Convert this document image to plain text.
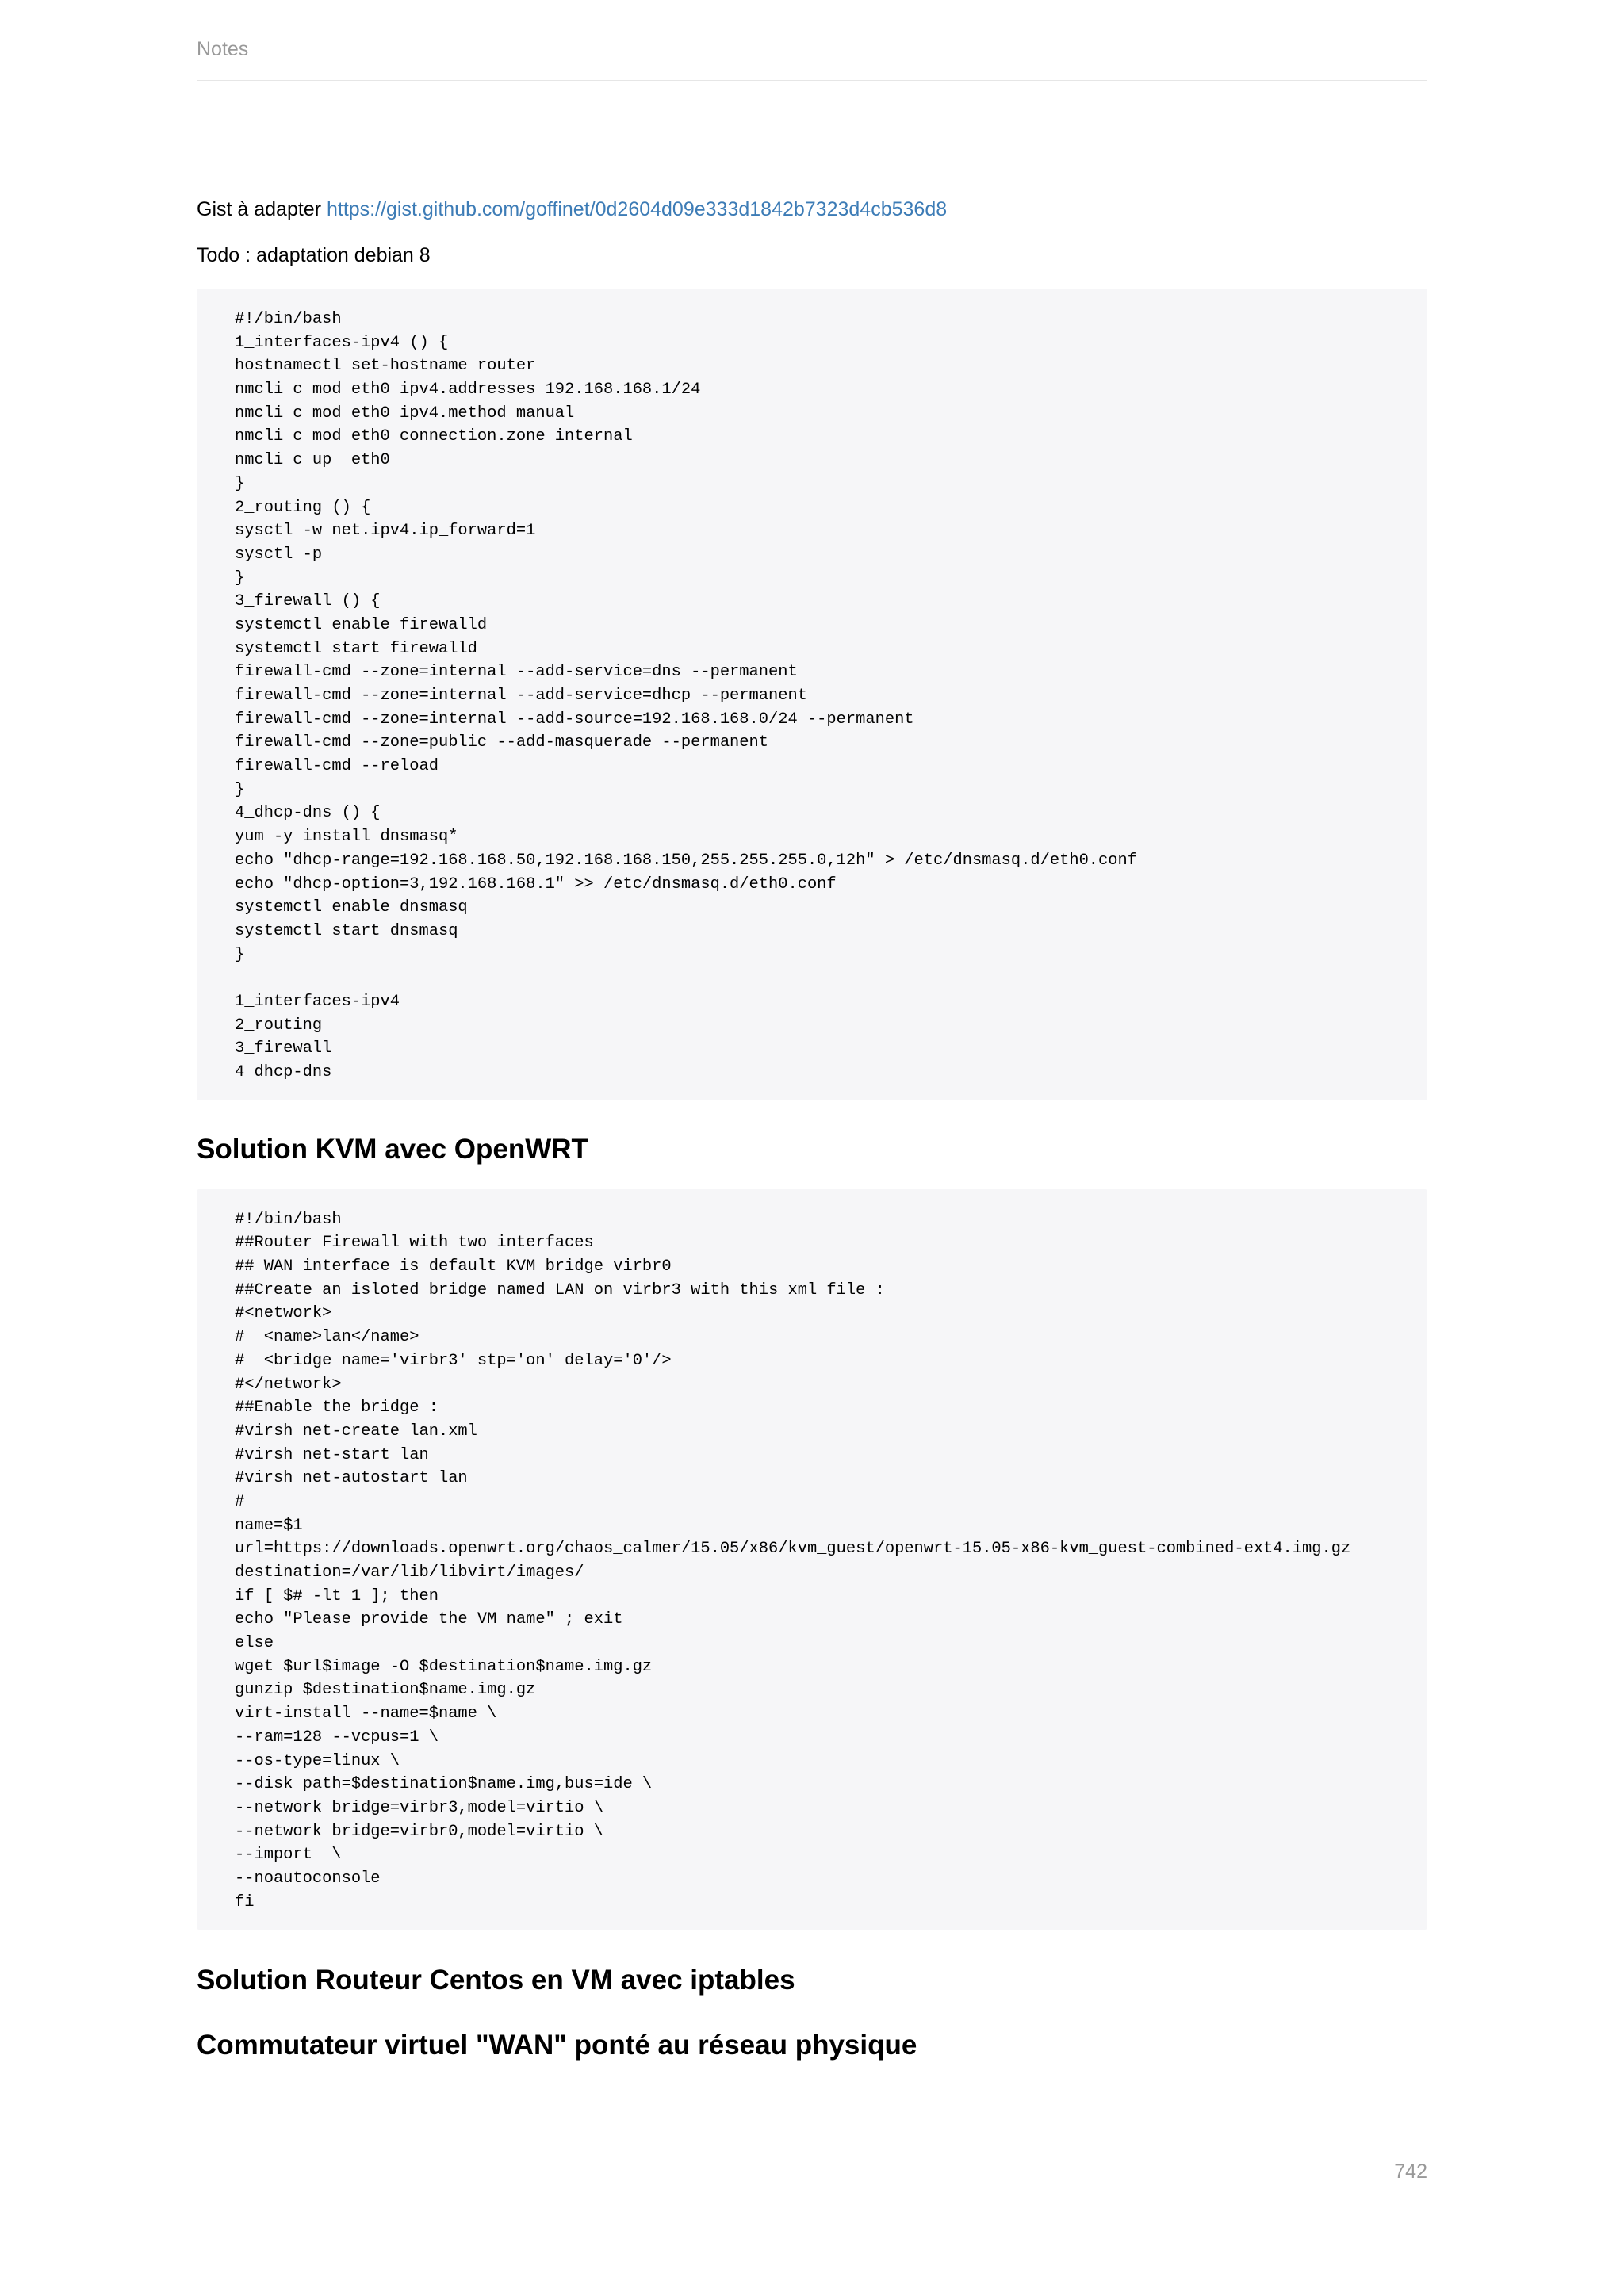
Notes

Gist à adapter https://gist.github.com/goffinet/0d2604d09e333d1842b7323d4cb536d8

Todo : adaptation debian 8

#!/bin/bash
1_interfaces-ipv4 () {
hostnamectl set-hostname router
nmcli c mod eth0 ipv4.addresses 192.168.168.1/24
nmcli c mod eth0 ipv4.method manual
nmcli c mod eth0 connection.zone internal
nmcli c up  eth0
}
2_routing () {
sysctl -w net.ipv4.ip_forward=1
sysctl -p
}
3_firewall () {
systemctl enable firewalld
systemctl start firewalld
firewall-cmd --zone=internal --add-service=dns --permanent
firewall-cmd --zone=internal --add-service=dhcp --permanent
firewall-cmd --zone=internal --add-source=192.168.168.0/24 --permanent
firewall-cmd --zone=public --add-masquerade --permanent
firewall-cmd --reload
}
4_dhcp-dns () {
yum -y install dnsmasq*
echo "dhcp-range=192.168.168.50,192.168.168.150,255.255.255.0,12h" > /etc/dnsmasq.d/eth0.conf
echo "dhcp-option=3,192.168.168.1" >> /etc/dnsmasq.d/eth0.conf
systemctl enable dnsmasq
systemctl start dnsmasq
}
1_interfaces-ipv4
2_routing
3_firewall
4_dhcp-dns
Solution KVM avec OpenWRT
#!/bin/bash
##Router Firewall with two interfaces
## WAN interface is default KVM bridge virbr0
##Create an isloted bridge named LAN on virbr3 with this xml file :
#<network>
#  <name>lan</name>
#  <bridge name='virbr3' stp='on' delay='0'/>
#</network>
##Enable the bridge :
#virsh net-create lan.xml
#virsh net-start lan
#virsh net-autostart lan
#
name=$1
url=https://downloads.openwrt.org/chaos_calmer/15.05/x86/kvm_guest/openwrt-15.05-x86-kvm_guest-combined-ext4.img.gz
destination=/var/lib/libvirt/images/
if [ $# -lt 1 ]; then
echo "Please provide the VM name" ; exit
else
wget $url$image -O $destination$name.img.gz
gunzip $destination$name.img.gz
virt-install --name=$name \
--ram=128 --vcpus=1 \
--os-type=linux \
--disk path=$destination$name.img,bus=ide \
--network bridge=virbr3,model=virtio \
--network bridge=virbr0,model=virtio \
--import  \
--noautoconsole
fi
Solution Routeur Centos en VM avec iptables
Commutateur virtuel "WAN" ponté au réseau physique
742
